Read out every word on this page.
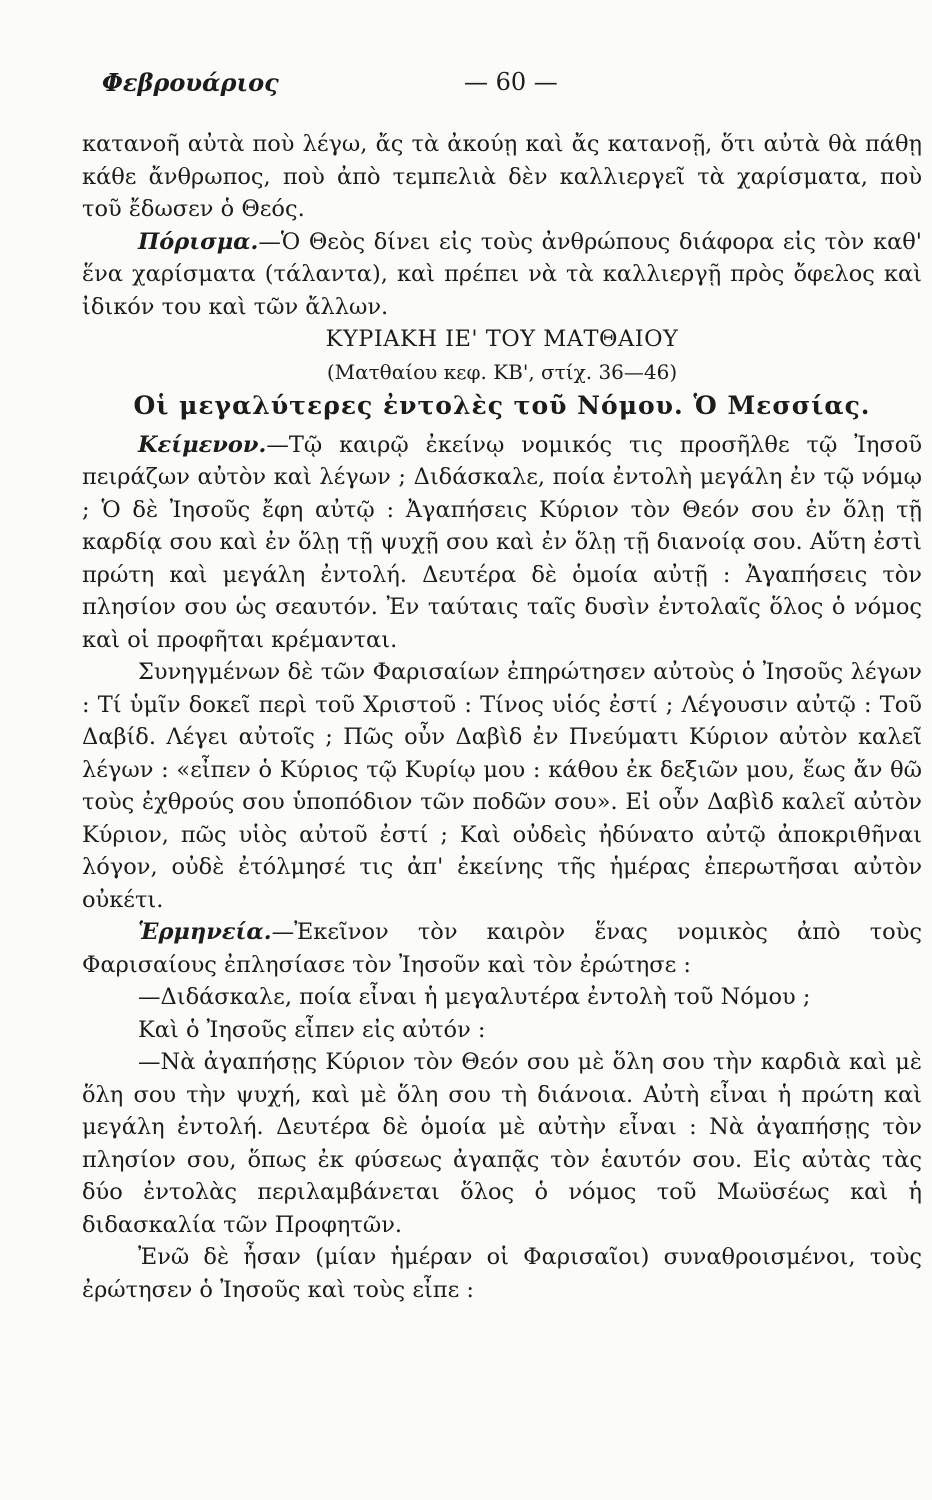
Φεβρουάριος	— 60 —

κατανοῆ αὐτὰ ποὺ λέγω, ἄς τὰ ἀκούῃ καὶ ἄς κατανοῇ, ὅτι αὐτὰ θὰ πάθῃ κάθε ἄνθρωπος, ποὺ ἀπὸ τεμπελιὰ δὲν καλλιεργεῖ τὰ χαρίσματα, ποὺ τοῦ ἔδωσεν ὁ Θεός.

Πόρισμα.—Ὁ Θεὸς δίνει εἰς τοὺς ἀνθρώπους διάφορα εἰς τὸν καθ' ἕνα χαρίσματα (τάλαντα), καὶ πρέπει νὰ τὰ καλλιεργῇ πρὸς ὄφελος καὶ ἰδικόν του καὶ τῶν ἄλλων.

ΚΥΡΙΑΚΗ ΙΕ' ΤΟΥ ΜΑΤΘΑΙΟΥ

(Ματθαίου κεφ. ΚΒ', στίχ. 36—46)

Οἱ μεγαλύτερες ἐντολὲς τοῦ Νόμου. Ὁ Μεσσίας.

Κείμενον.—Τῷ καιρῷ ἐκείνῳ νομικός τις προσῆλθε τῷ Ἰησοῦ πειράζων αὐτὸν καὶ λέγων ; Διδάσκαλε, ποία ἐντολὴ μεγάλη ἐν τῷ νόμῳ ; Ὁ δὲ Ἰησοῦς ἔφη αὐτῷ : Ἀγαπήσεις Κύριον τὸν Θεόν σου ἐν ὅλῃ τῇ καρδίᾳ σου καὶ ἐν ὅλῃ τῇ ψυχῇ σου καὶ ἐν ὅλῃ τῇ διανοίᾳ σου. Αὕτη ἐστὶ πρώτη καὶ μεγάλη ἐντολή. Δευτέρα δὲ ὁμοία αὐτῇ : Ἀγαπήσεις τὸν πλησίον σου ὡς σεαυτόν. Ἐν ταύταις ταῖς δυσὶν ἐντολαῖς ὅλος ὁ νόμος καὶ οἱ προφῆται κρέμανται.

Συνηγμένων δὲ τῶν Φαρισαίων ἐπηρώτησεν αὐτοὺς ὁ Ἰησοῦς λέγων : Τί ὑμῖν δοκεῖ περὶ τοῦ Χριστοῦ : Τίνος υἱός ἐστί ; Λέγουσιν αὐτῷ : Τοῦ Δαβίδ. Λέγει αὐτοῖς ; Πῶς οὖν Δαβὶδ ἐν Πνεύματι Κύριον αὐτὸν καλεῖ λέγων : «εἶπεν ὁ Κύριος τῷ Κυρίῳ μου : κάθου ἐκ δεξιῶν μου, ἕως ἄν θῶ τοὺς ἐχθρούς σου ὑποπόδιον τῶν ποδῶν σου». Εἰ οὖν Δαβὶδ καλεῖ αὐτὸν Κύριον, πῶς υἱὸς αὐτοῦ ἐστί ; Καὶ οὐδεὶς ἠδύνατο αὐτῷ ἀποκριθῆναι λόγον, οὐδὲ ἐτόλμησέ τις ἀπ' ἐκείνης τῆς ἡμέρας ἐπερωτῆσαι αὐτὸν οὐκέτι.

Ἑρμηνεία.—Ἐκεῖνον τὸν καιρὸν ἕνας νομικὸς ἀπὸ τοὺς Φαρισαίους ἐπλησίασε τὸν Ἰησοῦν καὶ τὸν ἐρώτησε :

—Διδάσκαλε, ποία εἶναι ἡ μεγαλυτέρα ἐντολὴ τοῦ Νόμου ;

Καὶ ὁ Ἰησοῦς εἶπεν εἰς αὐτόν :

—Νὰ ἀγαπήσῃς Κύριον τὸν Θεόν σου μὲ ὅλη σου τὴν καρδιὰ καὶ μὲ ὅλη σου τὴν ψυχή, καὶ μὲ ὅλη σου τὴ διάνοια. Αὐτὴ εἶναι ἡ πρώτη καὶ μεγάλη ἐντολή. Δευτέρα δὲ ὁμοία μὲ αὐτὴν εἶναι : Νὰ ἀγαπήσῃς τὸν πλησίον σου, ὅπως ἐκ φύσεως ἀγαπᾷς τὸν ἑαυτόν σου. Εἰς αὐτὰς τὰς δύο ἐντολὰς περιλαμβάνεται ὅλος ὁ νόμος τοῦ Μωϋσέως καὶ ἡ διδασκαλία τῶν Προφητῶν.

Ἐνῶ δὲ ἦσαν (μίαν ἡμέραν οἱ Φαρισαῖοι) συναθροισμένοι, τοὺς ἐρώτησεν ὁ Ἰησοῦς καὶ τοὺς εἶπε :
